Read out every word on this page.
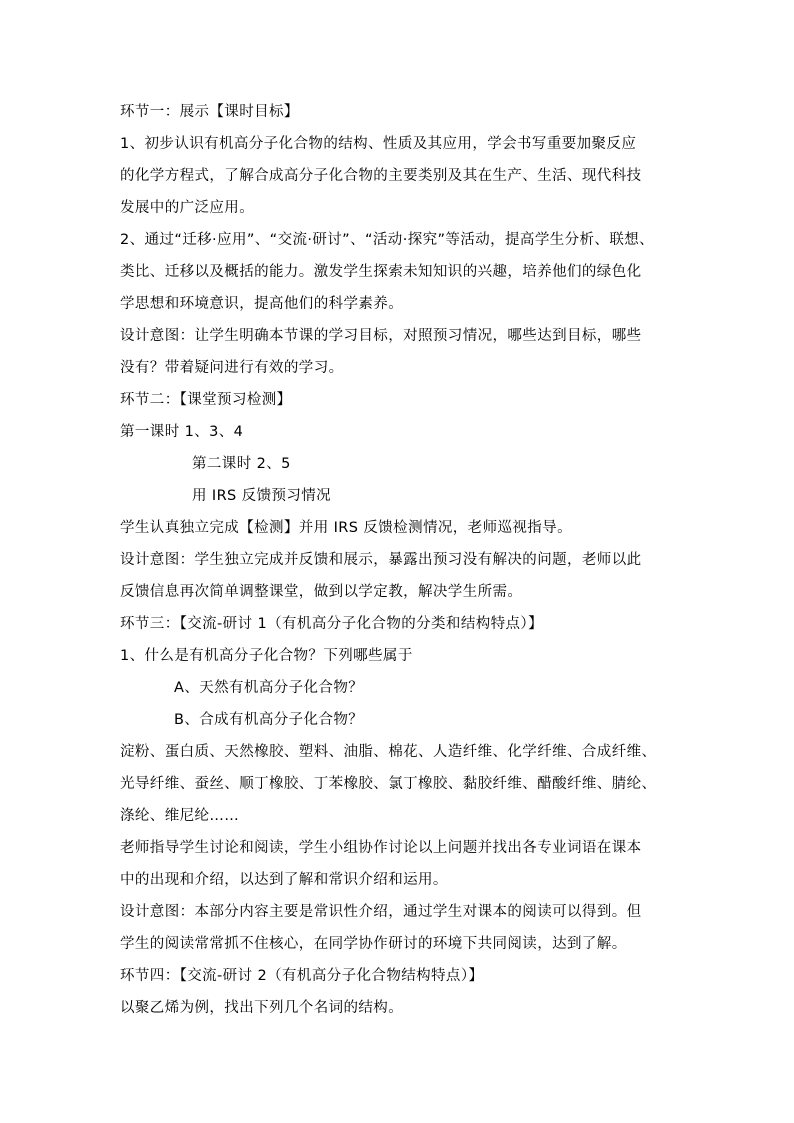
环节一：展示【课时目标】

1、初步认识有机高分子化合物的结构、性质及其应用，学会书写重要加聚反应

的化学方程式，了解合成高分子化合物的主要类别及其在生产、生活、现代科技

发展中的广泛应用。

2、通过“迁移·应用”、“交流·研讨”、“活动·探究”等活动，提高学生分析、联想、

类比、迁移以及概括的能力。激发学生探索未知知识的兴趣，培养他们的绿色化

学思想和环境意识，提高他们的科学素养。

设计意图：让学生明确本节课的学习目标，对照预习情况，哪些达到目标，哪些

没有？带着疑问进行有效的学习。

环节二：【课堂预习检测】

第一课时 1、3、4

第二课时 2、5

用 IRS 反馈预习情况

学生认真独立完成【检测】并用 IRS 反馈检测情况，老师巡视指导。

设计意图：学生独立完成并反馈和展示，暴露出预习没有解决的问题，老师以此

反馈信息再次简单调整课堂，做到以学定教，解决学生所需。

环节三：【交流-研讨 1（有机高分子化合物的分类和结构特点）】

1、什么是有机高分子化合物？下列哪些属于

A、天然有机高分子化合物？

B、合成有机高分子化合物？

淀粉、蛋白质、天然橡胶、塑料、油脂、棉花、人造纤维、化学纤维、合成纤维、

光导纤维、蚕丝、顺丁橡胶、丁苯橡胶、氯丁橡胶、黏胶纤维、醋酸纤维、腈纶、

涤纶、维尼纶……

老师指导学生讨论和阅读，学生小组协作讨论以上问题并找出各专业词语在课本

中的出现和介绍，以达到了解和常识介绍和运用。

设计意图：本部分内容主要是常识性介绍，通过学生对课本的阅读可以得到。但

学生的阅读常常抓不住核心，在同学协作研讨的环境下共同阅读，达到了解。

环节四：【交流-研讨 2（有机高分子化合物结构特点）】

以聚乙烯为例，找出下列几个名词的结构。
